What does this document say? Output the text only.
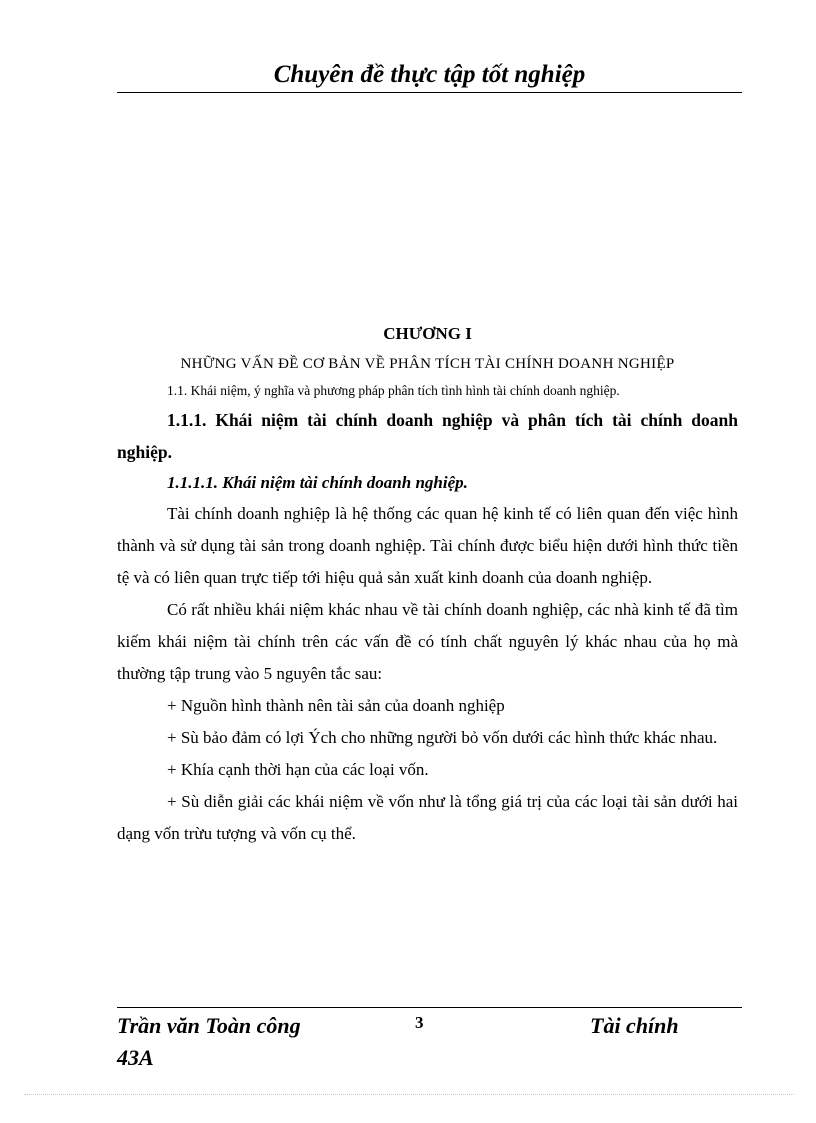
Chuyên đề thực tập tốt nghiệp

CHƯƠNG I

NHỮNG VẤN ĐỀ CƠ BẢN VỀ PHÂN TÍCH TÀI CHÍNH DOANH NGHIỆP

1.1. Khái niệm, ý nghĩa và phương pháp phân tích tình hình tài chính doanh nghiệp.

1.1.1. Khái niệm tài chính doanh nghiệp và phân tích tài chính doanh nghiệp.

1.1.1.1. Khái niệm tài chính doanh nghiệp.

Tài chính doanh nghiệp là hệ thống các quan hệ kinh tế có liên quan đến việc hình thành và sử dụng tài sản trong doanh nghiệp. Tài chính được biểu hiện dưới hình thức tiền tệ và có liên quan trực tiếp tới hiệu quả sản xuất kinh doanh của doanh nghiệp.

Có rất nhiều khái niệm khác nhau về tài chính doanh nghiệp, các nhà kinh tế đã tìm kiếm khái niệm tài chính trên các vấn đề có tính chất nguyên lý khác nhau của họ mà thường tập trung vào 5 nguyên tắc sau:

+ Nguồn hình thành nên tài sản của doanh nghiệp

+ Sù bảo đảm có lợi Ých cho những người bỏ vốn dưới các hình thức khác nhau.

+ Khía cạnh thời hạn của các loại vốn.

+ Sù diễn giải các khái niệm về vốn như là tổng giá trị của các loại tài sản dưới hai dạng vốn trừu tượng và vốn cụ thể.

Trần văn Toàn công 43A
3	Tài chính
